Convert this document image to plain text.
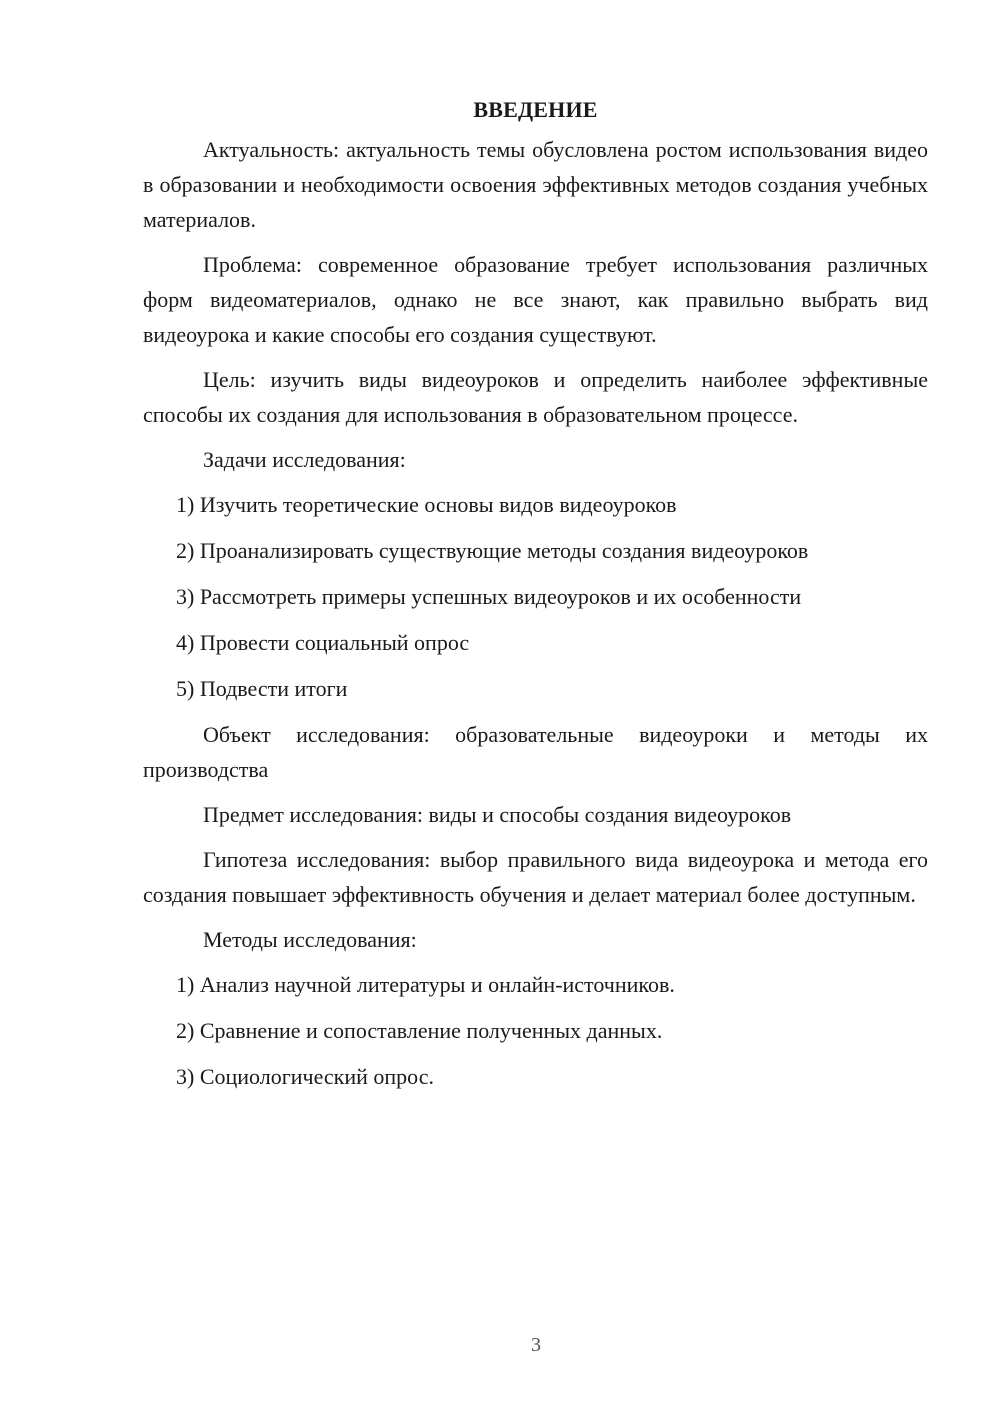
ВВЕДЕНИЕ

Актуальность: актуальность темы обусловлена ростом использования видео в образовании и необходимости освоения эффективных методов создания учебных материалов.

Проблема: современное образование требует использования различных форм видеоматериалов, однако не все знают, как правильно выбрать вид видеоурока и какие способы его создания существуют.

Цель: изучить виды видеоуроков и определить наиболее эффективные способы их создания для использования в образовательном процессе.

Задачи исследования:

1) Изучить теоретические основы видов видеоуроков
2) Проанализировать существующие методы создания видеоуроков
3) Рассмотреть примеры успешных видеоуроков и их особенности
4) Провести социальный опрос
5) Подвести итоги

Объект исследования: образовательные видеоуроки и методы их производства

Предмет исследования: виды и способы создания видеоуроков

Гипотеза исследования: выбор правильного вида видеоурока и метода его создания повышает эффективность обучения и делает материал более доступным.

Методы исследования:

1) Анализ научной литературы и онлайн-источников.
2) Сравнение и сопоставление полученных данных.
3) Социологический опрос.
3
